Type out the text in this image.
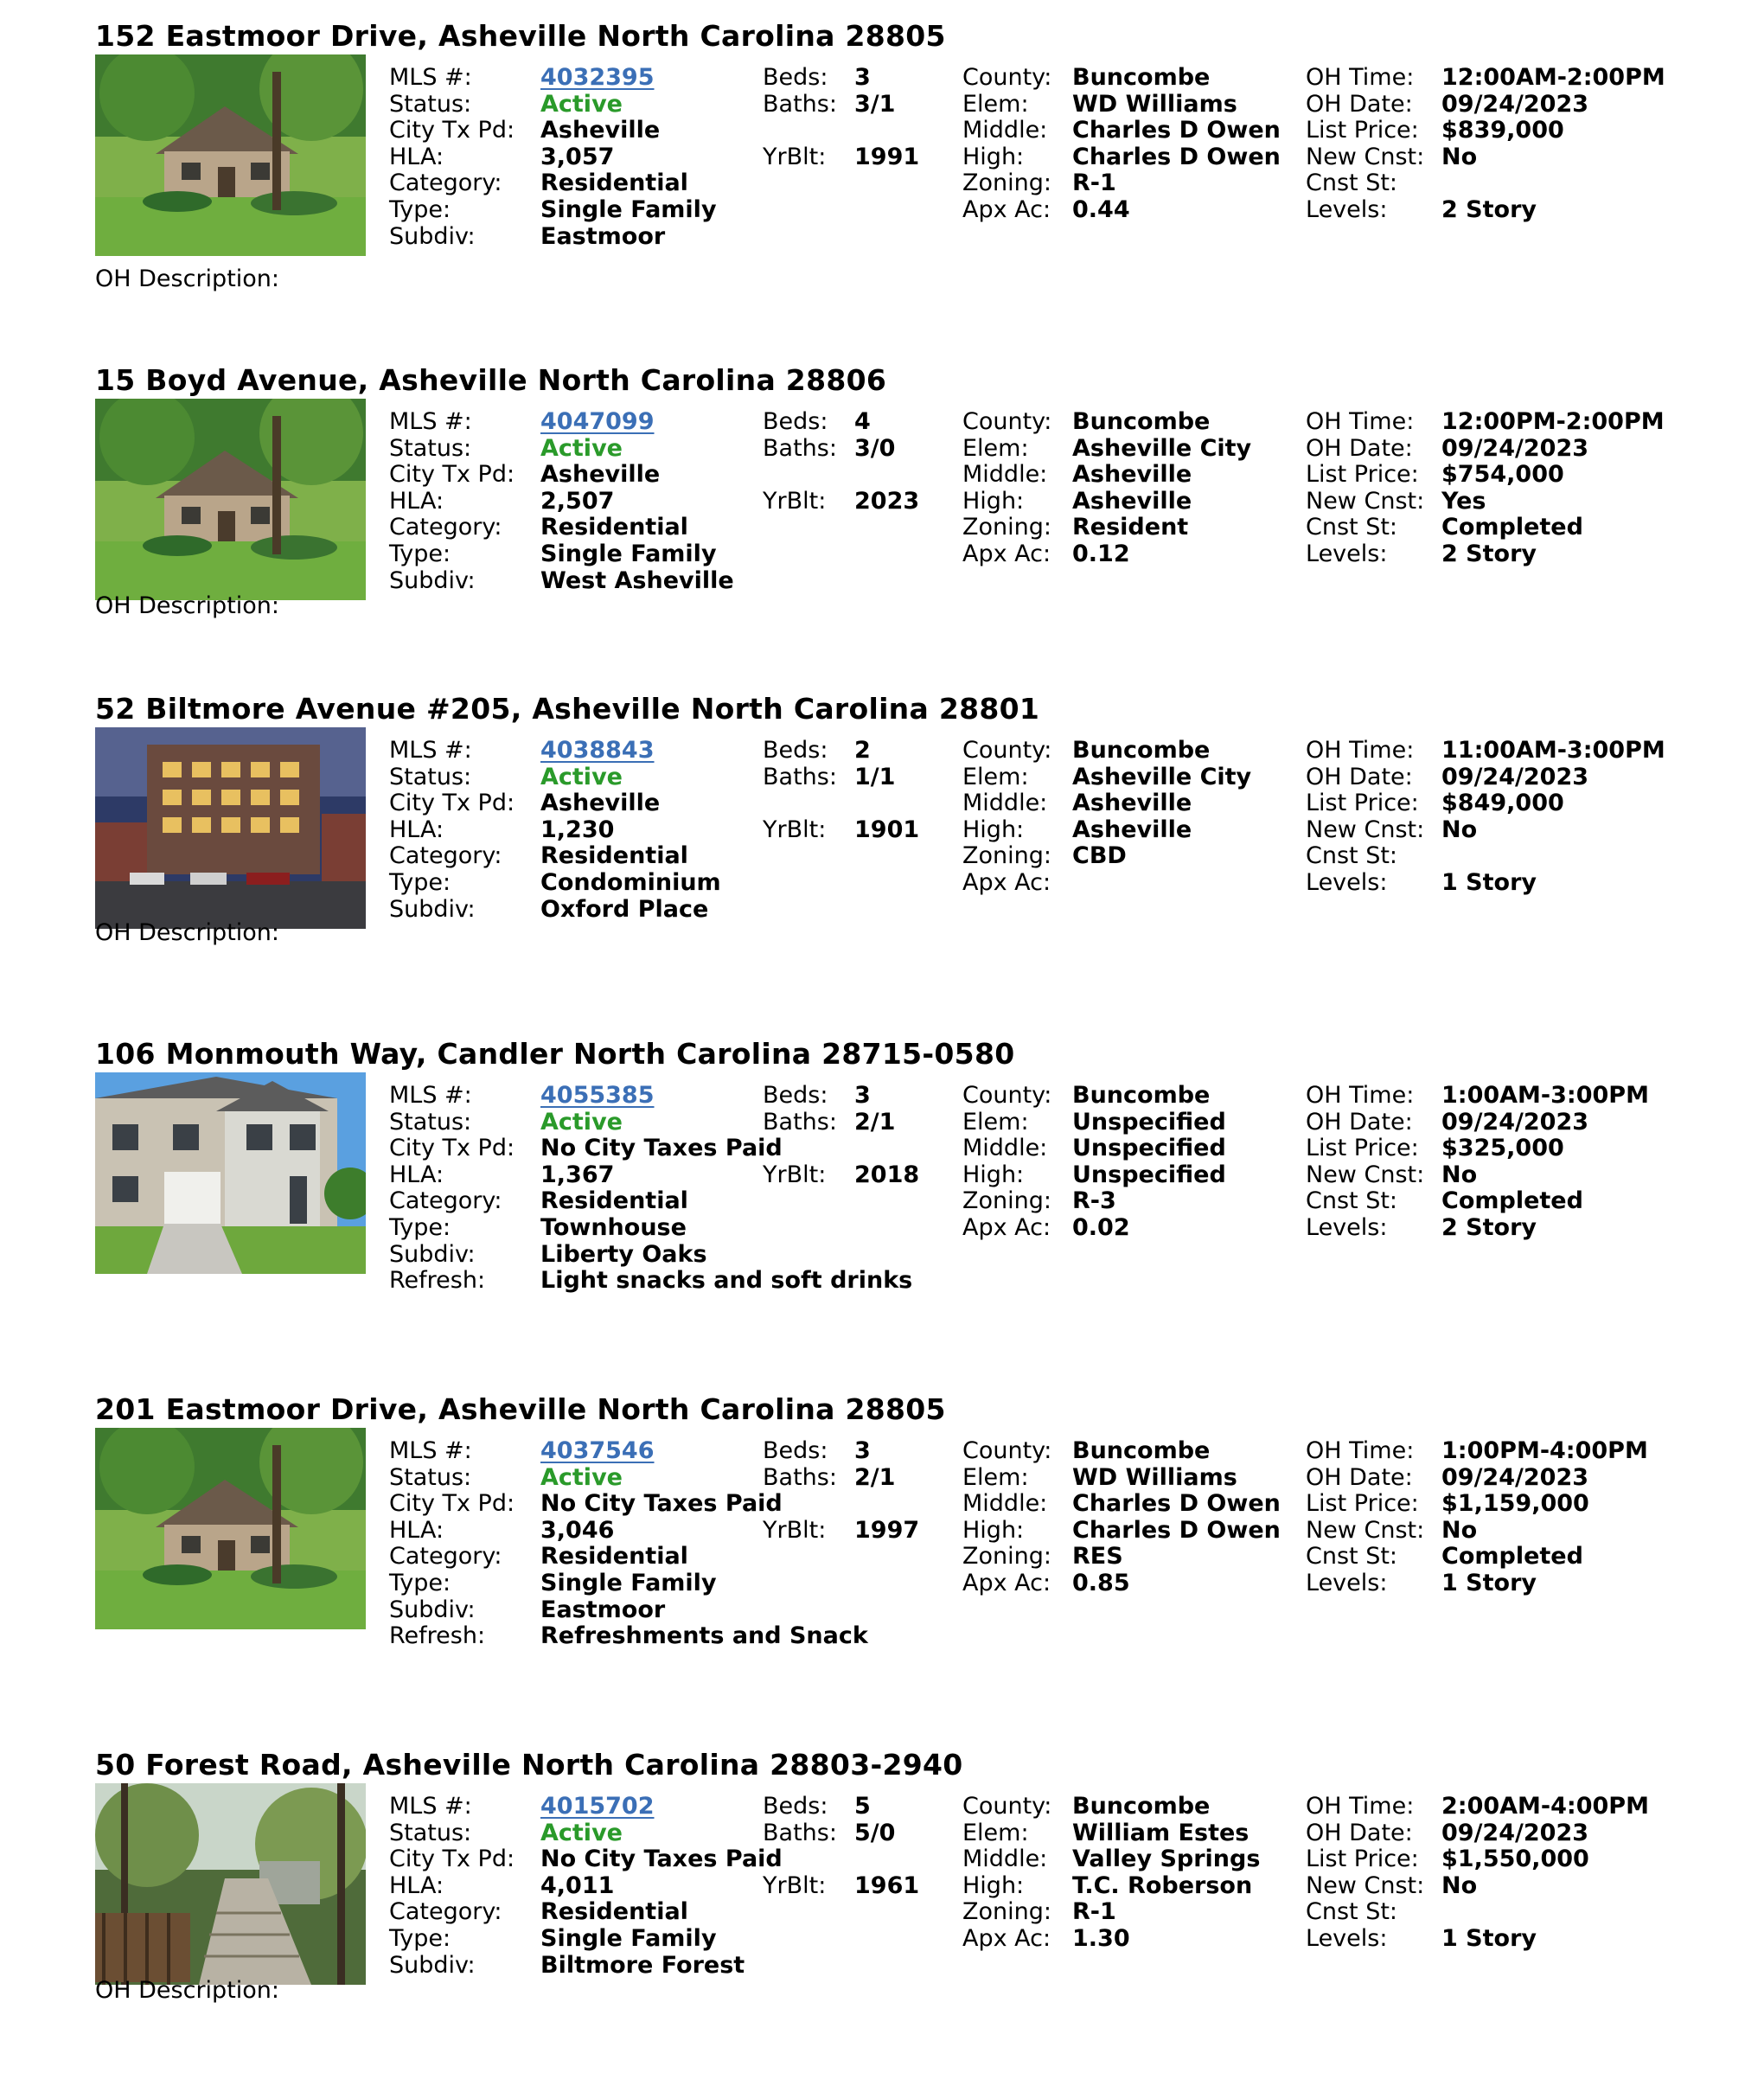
152 Eastmoor Drive, Asheville North Carolina 28805
MLS #:	4032395
Status:	Active
City Tx Pd: Asheville
HLA:	3,057
Category: Residential
Type:	Single Family
Subdiv:	Eastmoor
Beds: 3
Baths: 3/1
YrBlt: 1991
County: Buncombe
Elem: WD Williams
Middle: Charles D Owen
High: Charles D Owen
Zoning: R-1
Apx Ac: 0.44
OH Time: 12:00AM-2:00PM
OH Date: 09/24/2023
List Price: $839,000
New Cnst: No
Cnst St:
Levels: 2 Story
OH Description:
15 Boyd Avenue, Asheville North Carolina 28806
MLS #:	4047099
Status:	Active
City Tx Pd: Asheville
HLA:	2,507
Category: Residential
Type:	Single Family
Subdiv:	West Asheville
Beds: 4
Baths: 3/0
YrBlt: 2023
County: Buncombe
Elem: Asheville City
Middle: Asheville
High: Asheville
Zoning: Resident
Apx Ac: 0.12
OH Time: 12:00PM-2:00PM
OH Date: 09/24/2023
List Price: $754,000
New Cnst: Yes
Cnst St: Completed
Levels: 2 Story
OH Description:
52 Biltmore Avenue #205, Asheville North Carolina 28801
MLS #:	4038843
Status:	Active
City Tx Pd: Asheville
HLA:	1,230
Category: Residential
Type:	Condominium
Subdiv:	Oxford Place
Beds: 2
Baths: 1/1
YrBlt: 1901
County: Buncombe
Elem: Asheville City
Middle: Asheville
High: Asheville
Zoning: CBD
Apx Ac:
OH Time: 11:00AM-3:00PM
OH Date: 09/24/2023
List Price: $849,000
New Cnst: No
Cnst St:
Levels: 1 Story
OH Description:
106 Monmouth Way, Candler North Carolina 28715-0580
MLS #:	4055385
Status:	Active
City Tx Pd: No City Taxes Paid
HLA:	1,367
Category: Residential
Type:	Townhouse
Subdiv:	Liberty Oaks
Refresh: Light snacks and soft drinks
Beds: 3
Baths: 2/1
YrBlt: 2018
County: Buncombe
Elem: Unspecified
Middle: Unspecified
High: Unspecified
Zoning: R-3
Apx Ac: 0.02
OH Time: 1:00AM-3:00PM
OH Date: 09/24/2023
List Price: $325,000
New Cnst: No
Cnst St: Completed
Levels: 2 Story
201 Eastmoor Drive, Asheville North Carolina 28805
MLS #:	4037546
Status:	Active
City Tx Pd: No City Taxes Paid
HLA:	3,046
Category: Residential
Type:	Single Family
Subdiv:	Eastmoor
Refresh: Refreshments and Snack
Beds: 3
Baths: 2/1
YrBlt: 1997
County: Buncombe
Elem: WD Williams
Middle: Charles D Owen
High: Charles D Owen
Zoning: RES
Apx Ac: 0.85
OH Time: 1:00PM-4:00PM
OH Date: 09/24/2023
List Price: $1,159,000
New Cnst: No
Cnst St: Completed
Levels: 1 Story
50 Forest Road, Asheville North Carolina 28803-2940
MLS #:	4015702
Status:	Active
City Tx Pd: No City Taxes Paid
HLA:	4,011
Category: Residential
Type:	Single Family
Subdiv:	Biltmore Forest
Beds: 5
Baths: 5/0
YrBlt: 1961
County: Buncombe
Elem: William Estes
Middle: Valley Springs
High: T.C. Roberson
Zoning: R-1
Apx Ac: 1.30
OH Time: 2:00AM-4:00PM
OH Date: 09/24/2023
List Price: $1,550,000
New Cnst: No
Cnst St:
Levels: 1 Story
OH Description:
